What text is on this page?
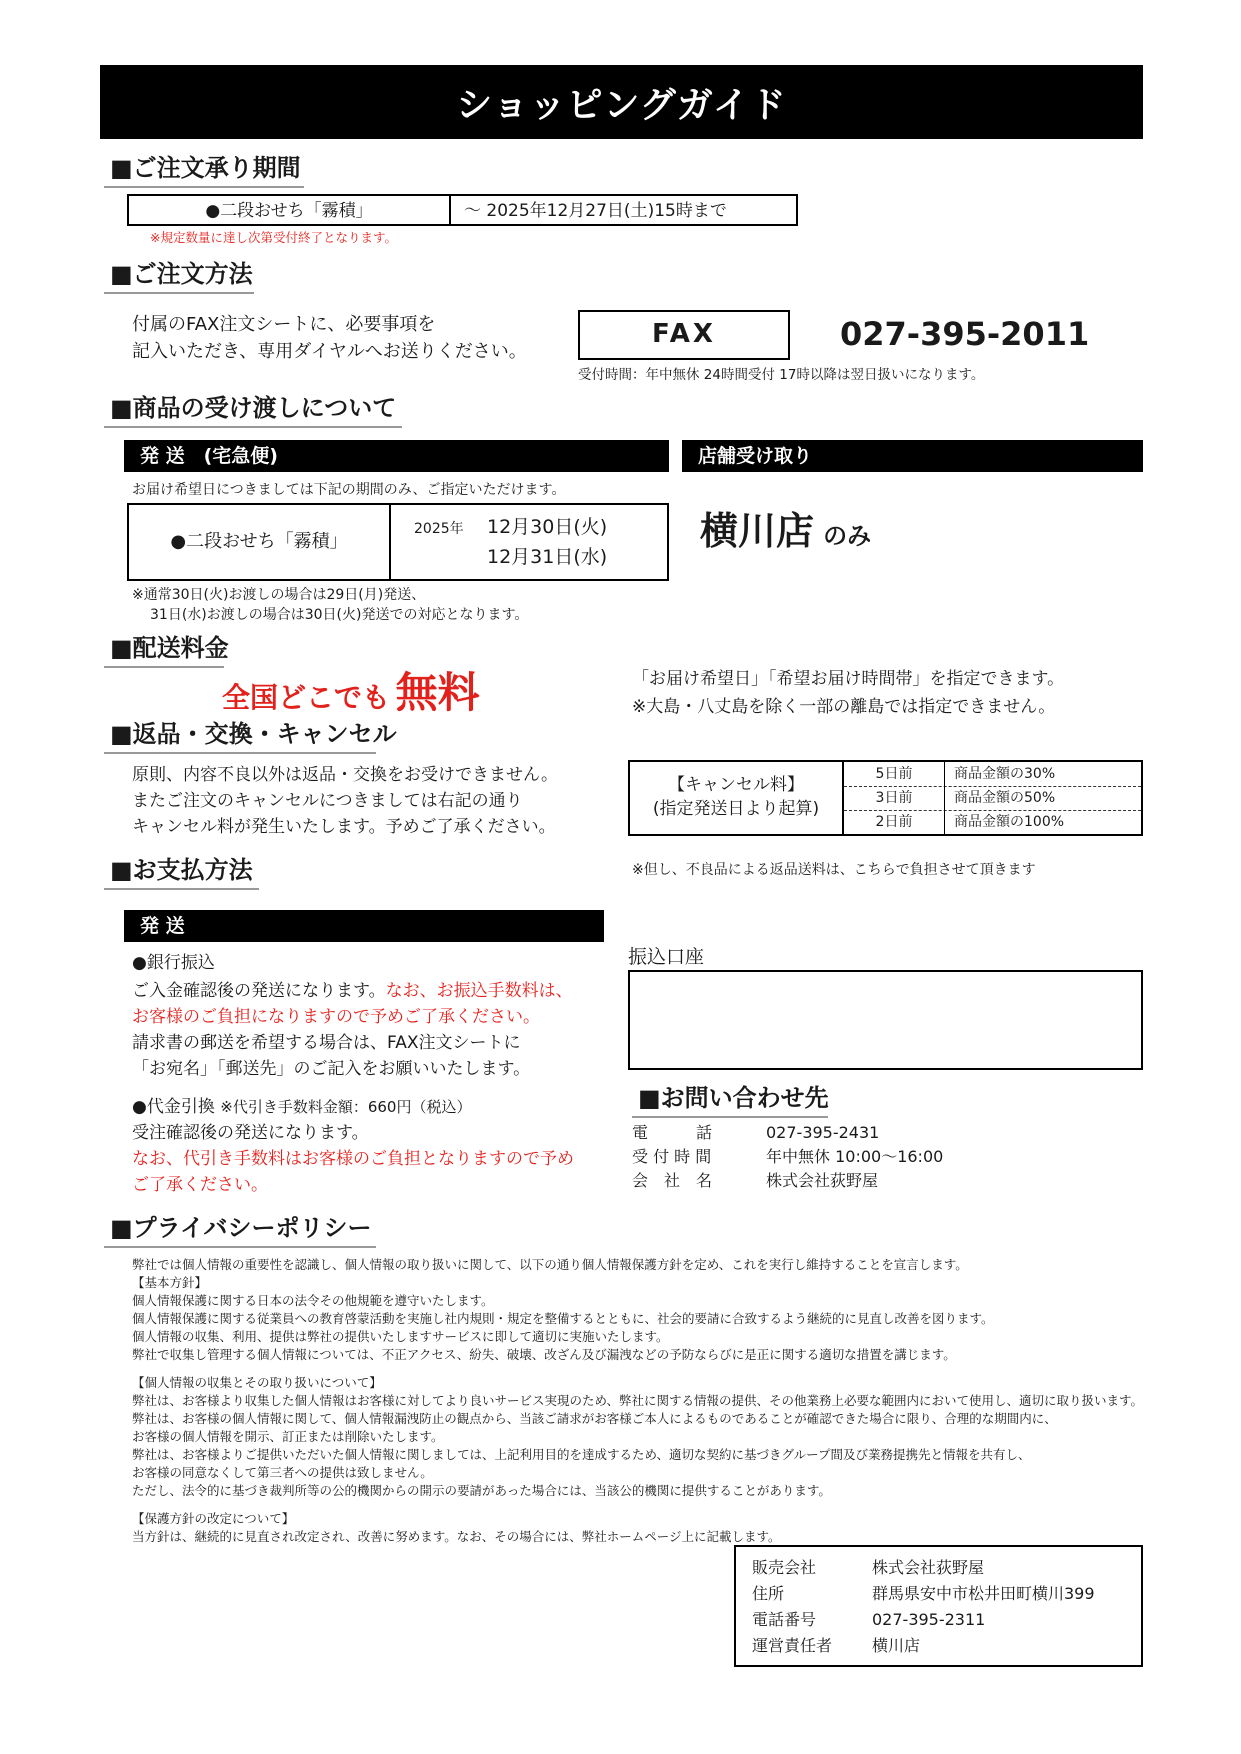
ショッピングガイド
■ご注文承り期間
●二段おせち「霧積」	～ 2025年12月27日(土)15時まで
※規定数量に達し次第受付終了となります。
■ご注文方法
付属のFAX注文シートに、必要事項を
記入いただき、専用ダイヤルへお送りください。
FAX	027-395-2011
受付時間：年中無休 24時間受付 17時以降は翌日扱いになります。
■商品の受け渡しについて
発 送　(宅急便)
お届け希望日につきましては下記の期間のみ、ご指定いただけます。
●二段おせち「霧積」
2025年 12月30日(火)
12月31日(水)
※通常30日(火)お渡しの場合は29日(月)発送、
31日(水)お渡しの場合は30日(火)発送での対応となります。
店舗受け取り
横川店 のみ
■配送料金
全国どこでも 無料	「お届け希望日」「希望お届け時間帯」を指定できます。
※大島・八丈島を除く一部の離島では指定できません。
■返品・交換・キャンセル
原則、内容不良以外は返品・交換をお受けできません。
またご注文のキャンセルにつきましては右記の通り
キャンセル料が発生いたします。予めご了承ください。
【キャンセル料】
(指定発送日より起算)
5日前	商品金額の30%
3日前	商品金額の50%
2日前	商品金額の100%
※但し、不良品による返品送料は、こちらで負担させて頂きます
■お支払方法
発 送
●銀行振込
ご入金確認後の発送になります。なお、お振込手数料は、
お客様のご負担になりますので予めご了承ください。
請求書の郵送を希望する場合は、FAX注文シートに
「お宛名」「郵送先」のご記入をお願いいたします。
●代金引換 ※代引き手数料金額：660円（税込）
受注確認後の発送になります。
なお、代引き手数料はお客様のご負担となりますので予め
ご了承ください。
振込口座
■お問い合わせ先
電　　　話	027-395-2431
受 付 時 間	年中無休 10:00～16:00
会　社　名	株式会社荻野屋
■プライバシーポリシー
弊社では個人情報の重要性を認識し、個人情報の取り扱いに関して、以下の通り個人情報保護方針を定め、これを実行し維持することを宣言します。
【基本方針】
個人情報保護に関する日本の法令その他規範を遵守いたします。
個人情報保護に関する従業員への教育啓蒙活動を実施し社内規則・規定を整備するとともに、社会的要請に合致するよう継続的に見直し改善を図ります。
個人情報の収集、利用、提供は弊社の提供いたしますサービスに即して適切に実施いたします。
弊社で収集し管理する個人情報については、不正アクセス、紛失、破壊、改ざん及び漏洩などの予防ならびに是正に関する適切な措置を講じます。
【個人情報の収集とその取り扱いについて】
弊社は、お客様より収集した個人情報はお客様に対してより良いサービス実現のため、弊社に関する情報の提供、その他業務上必要な範囲内において使用し、適切に取り扱います。
弊社は、お客様の個人情報に関して、個人情報漏洩防止の観点から、当該ご請求がお客様ご本人によるものであることが確認できた場合に限り、合理的な期間内に、
お客様の個人情報を開示、訂正または削除いたします。
弊社は、お客様よりご提供いただいた個人情報に関しましては、上記利用目的を達成するため、適切な契約に基づきグループ間及び業務提携先と情報を共有し、
お客様の同意なくして第三者への提供は致しません。
ただし、法令的に基づき裁判所等の公的機関からの開示の要請があった場合には、当該公的機関に提供することがあります。
【保護方針の改定について】
当方針は、継続的に見直され改定され、改善に努めます。なお、その場合には、弊社ホームページ上に記載します。
販売会社	株式会社荻野屋
住所	群馬県安中市松井田町横川399
電話番号	027-395-2311
運営責任者 横川店
